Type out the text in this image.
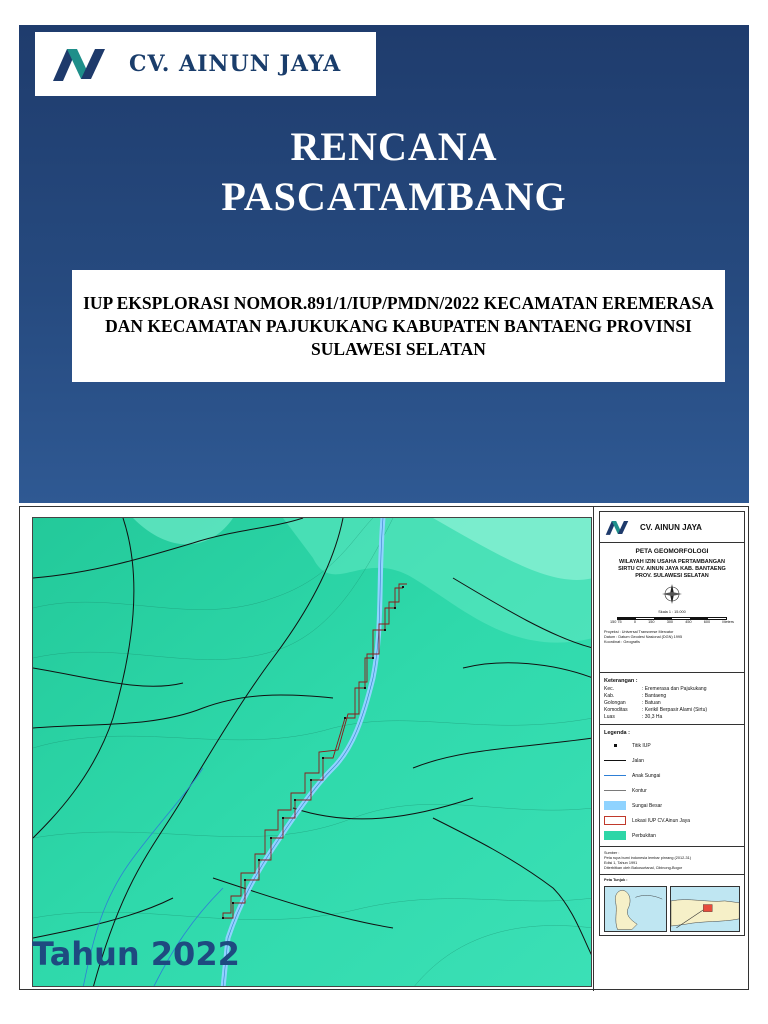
CV. AINUN JAYA
RENCANA
PASCATAMBANG
IUP EKSPLORASI NOMOR.891/1/IUP/PMDN/2022 KECAMATAN EREMERASA DAN KECAMATAN PAJUKUKANG KABUPATEN BANTAENG PROVINSI SULAWESI SELATAN
CV. AINUN JAYA
PETA GEOMORFOLOGI
WILAYAH IZIN USAHA PERTAMBANGAN
SIRTU CV. AINUN JAYA KAB. BANTAENG
PROV. SULAWESI SELATAN
Skala 1 : 15.000
150 75	0	150	300	450	600	Meters
Proyeksi : Universal Transverse Mercator
Datum : Datum Geodesi Nasional (DGN) 1995
Koordinat : Geografis
Keterangan :
Kec.	: Eremerasa dan Pajukukang
Kab.	: Bantaeng
Golongan	: Batuan
Komoditas	: Kerikil Berpasir Alami (Sirtu)
Luas	: 30,3 Ha
Legenda :
Titik IUP
Jalan
Anak Sungai
Kontur
Sungai Besar
Lokasi IUP CV.Ainun Jaya
Perbukitan
Sumber :
Peta rupa bumi indonesia lembar pinrang (2012-31)
Edisi 1, Tahun 1991
Diterbitkan oleh Bakosurtanal, Cibinong-Bogor
Peta Tunjuk :
Tahun 2022
